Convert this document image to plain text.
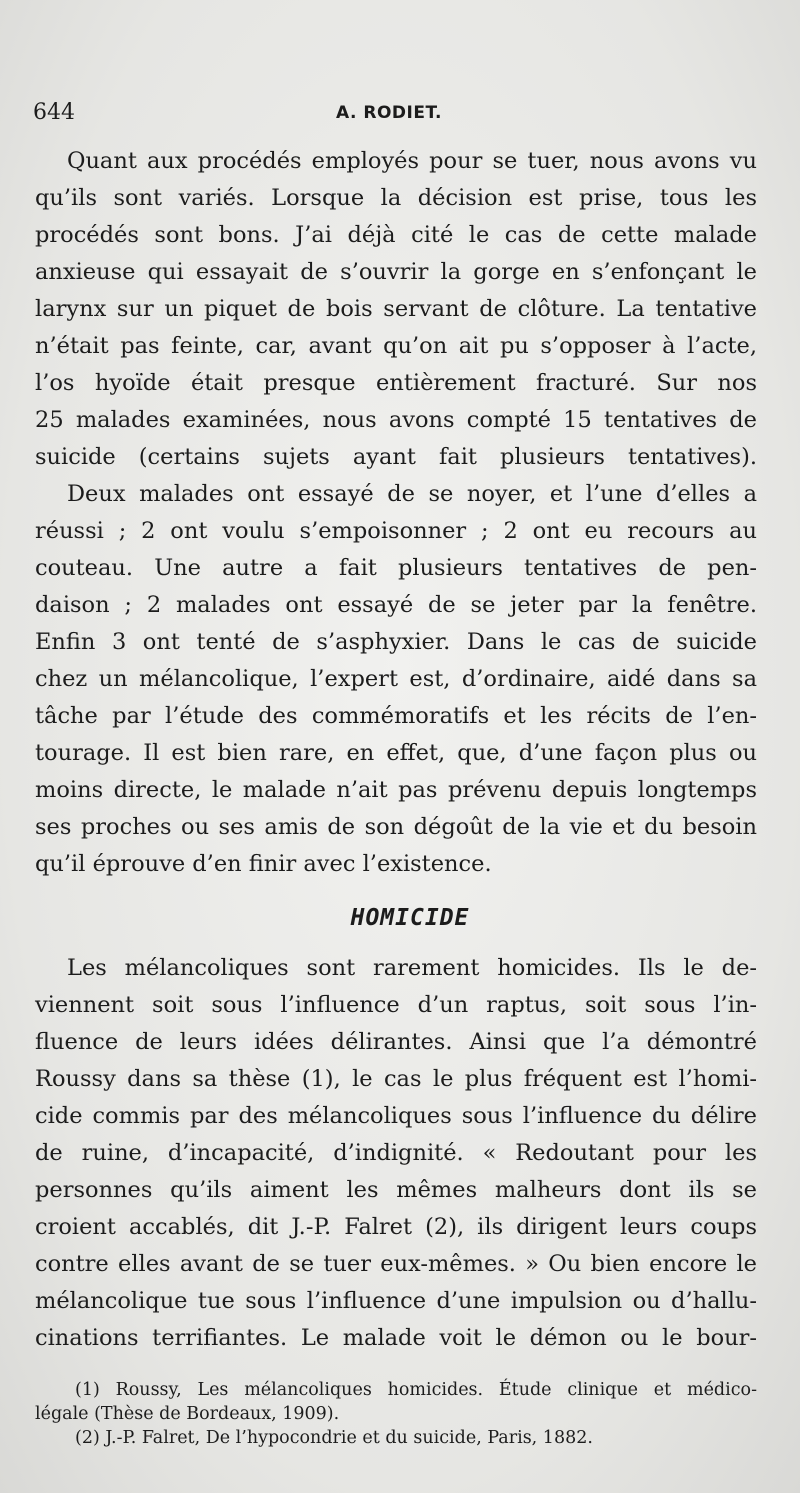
644	A. RODIET.
Quant aux procédés employés pour se tuer, nous avons vu
qu’ils sont variés. Lorsque la décision est prise, tous les
procédés sont bons. J’ai déjà cité le cas de cette malade
anxieuse qui essayait de s’ouvrir la gorge en s’enfonçant le
larynx sur un piquet de bois servant de clôture. La tentative
n’était pas feinte, car, avant qu’on ait pu s’opposer à l’acte,
l’os hyoïde était presque entièrement fracturé. Sur nos
25 malades examinées, nous avons compté 15 tentatives de
suicide (certains sujets ayant fait plusieurs tentatives).
Deux malades ont essayé de se noyer, et l’une d’elles a
réussi ; 2 ont voulu s’empoisonner ; 2 ont eu recours au
couteau. Une autre a fait plusieurs tentatives de pen-
daison ; 2 malades ont essayé de se jeter par la fenêtre.
Enfin 3 ont tenté de s’asphyxier. Dans le cas de suicide
chez un mélancolique, l’expert est, d’ordinaire, aidé dans sa
tâche par l’étude des commémoratifs et les récits de l’en-
tourage. Il est bien rare, en effet, que, d’une façon plus ou
moins directe, le malade n’ait pas prévenu depuis longtemps
ses proches ou ses amis de son dégoût de la vie et du besoin
qu’il éprouve d’en finir avec l’existence.
HOMICIDE
Les mélancoliques sont rarement homicides. Ils le de-
viennent soit sous l’influence d’un raptus, soit sous l’in-
fluence de leurs idées délirantes. Ainsi que l’a démontré
Roussy dans sa thèse (1), le cas le plus fréquent est l’homi-
cide commis par des mélancoliques sous l’influence du délire
de ruine, d’incapacité, d’indignité. « Redoutant pour les
personnes qu’ils aiment les mêmes malheurs dont ils se
croient accablés, dit J.-P. Falret (2), ils dirigent leurs coups
contre elles avant de se tuer eux-mêmes. » Ou bien encore le
mélancolique tue sous l’influence d’une impulsion ou d’hallu-
cinations terrifiantes. Le malade voit le démon ou le bour-
(1) Roussy, Les mélancoliques homicides. Étude clinique et médico-
légale (Thèse de Bordeaux, 1909).
(2) J.-P. Falret, De l’hypocondrie et du suicide, Paris, 1882.
